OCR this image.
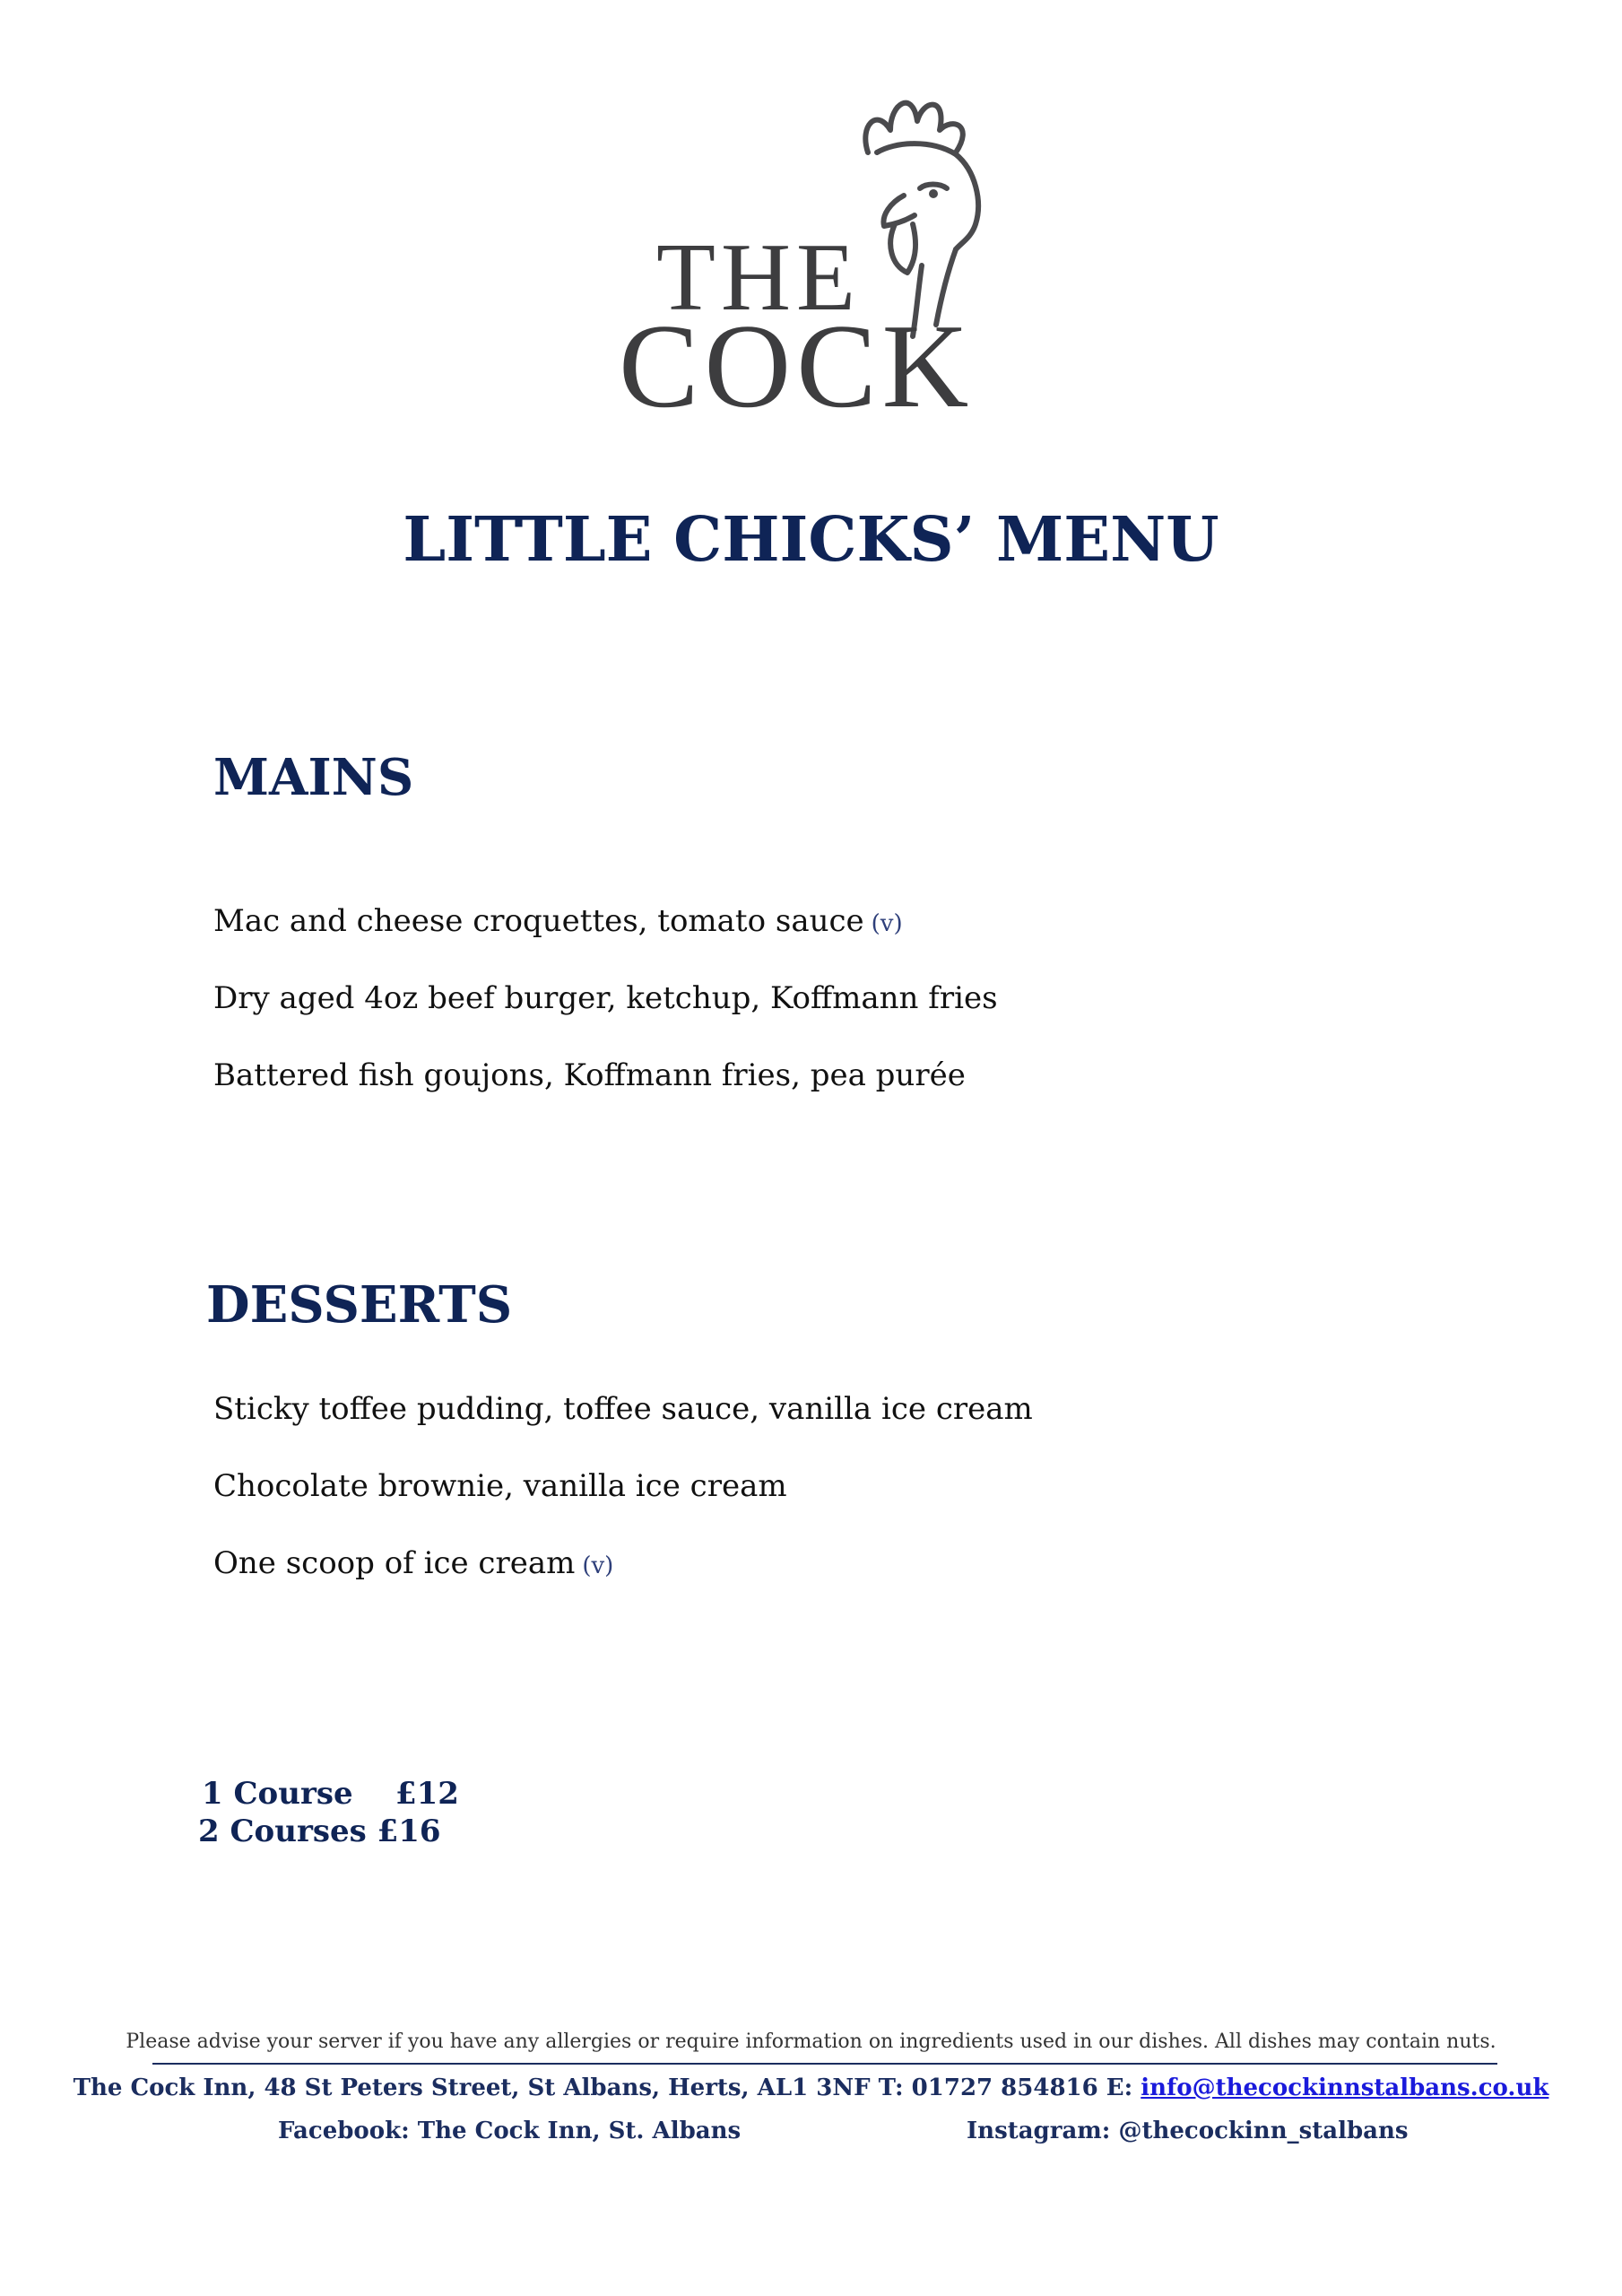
THE
COCK
LITTLE CHICKS’ MENU
MAINS
Mac and cheese croquettes, tomato sauce (v)
Dry aged 4oz beef burger, ketchup, Koffmann fries
Battered fish goujons, Koffmann fries, pea purée
DESSERTS
Sticky toffee pudding, toffee sauce, vanilla ice cream
Chocolate brownie, vanilla ice cream
One scoop of ice cream (v)
1 Course    £12
2 Courses £16
Please advise your server if you have any allergies or require information on ingredients used in our dishes. All dishes may contain nuts.
The Cock Inn, 48 St Peters Street, St Albans, Herts, AL1 3NF T: 01727 854816 E: info@thecockinnstalbans.co.uk
Facebook: The Cock Inn, St. Albans	Instagram: @thecockinn_stalbans
